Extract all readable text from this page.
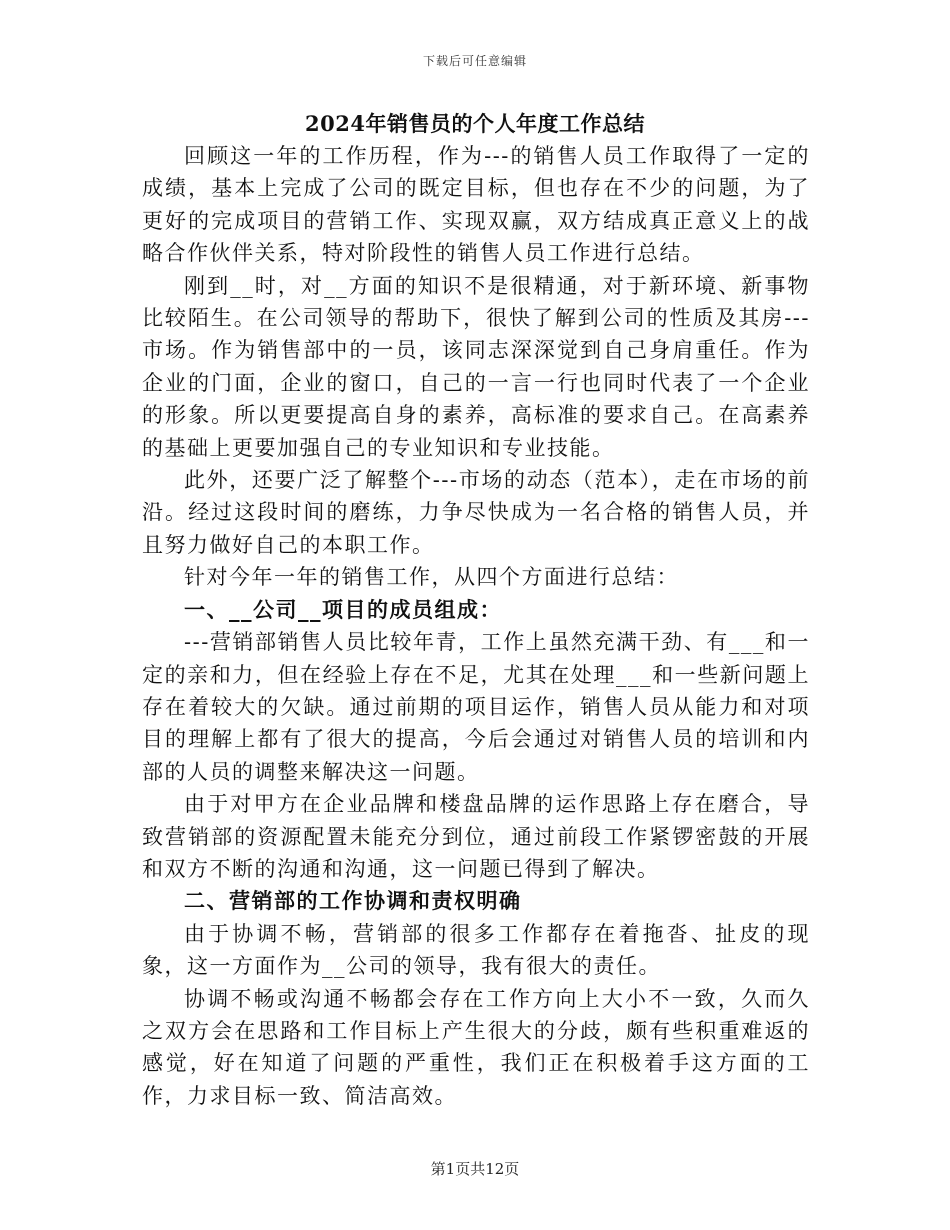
下载后可任意编辑
2024年销售员的个人年度工作总结

回顾这一年的工作历程，作为---的销售人员工作取得了一定的成绩，基本上完成了公司的既定目标，但也存在不少的问题，为了更好的完成项目的营销工作、实现双赢，双方结成真正意义上的战略合作伙伴关系，特对阶段性的销售人员工作进行总结。

刚到__时，对__方面的知识不是很精通，对于新环境、新事物比较陌生。在公司领导的帮助下，很快了解到公司的性质及其房---市场。作为销售部中的一员，该同志深深觉到自己身肩重任。作为企业的门面，企业的窗口，自己的一言一行也同时代表了一个企业的形象。所以更要提高自身的素养，高标准的要求自己。在高素养的基础上更要加强自己的专业知识和专业技能。

此外，还要广泛了解整个---市场的动态（范本），走在市场的前沿。经过这段时间的磨练，力争尽快成为一名合格的销售人员，并且努力做好自己的本职工作。

针对今年一年的销售工作，从四个方面进行总结：

一、__公司__项目的成员组成：

---营销部销售人员比较年青，工作上虽然充满干劲、有___和一定的亲和力，但在经验上存在不足，尤其在处理___和一些新问题上存在着较大的欠缺。通过前期的项目运作，销售人员从能力和对项目的理解上都有了很大的提高，今后会通过对销售人员的培训和内部的人员的调整来解决这一问题。

由于对甲方在企业品牌和楼盘品牌的运作思路上存在磨合，导致营销部的资源配置未能充分到位，通过前段工作紧锣密鼓的开展和双方不断的沟通和沟通，这一问题已得到了解决。

二、营销部的工作协调和责权明确

由于协调不畅，营销部的很多工作都存在着拖沓、扯皮的现象，这一方面作为__公司的领导，我有很大的责任。

协调不畅或沟通不畅都会存在工作方向上大小不一致，久而久之双方会在思路和工作目标上产生很大的分歧，颇有些积重难返的感觉，好在知道了问题的严重性，我们正在积极着手这方面的工作，力求目标一致、简洁高效。

第1页共12页
